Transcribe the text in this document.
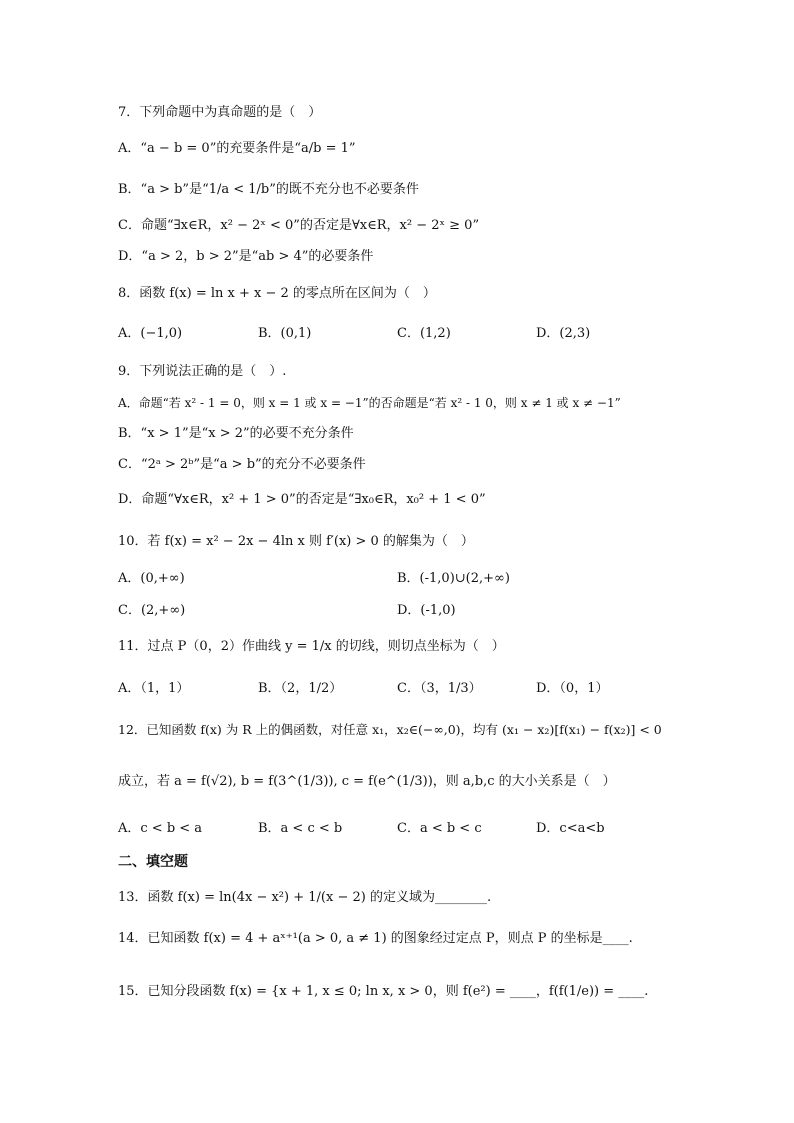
7．下列命题中为真命题的是（　）
A．“a − b = 0”的充要条件是“a/b = 1”
B．“a > b”是“1/a < 1/b”的既不充分也不必要条件
C．命题“∃x∈R，x² − 2ˣ < 0”的否定是∀x∈R，x² − 2ˣ ≥ 0”
D．“a > 2，b > 2”是“ab > 4”的必要条件
8．函数 f(x) = ln x + x − 2 的零点所在区间为（　）
A．(−1,0)	B．(0,1)	C．(1,2)	D．(2,3)
9．下列说法正确的是（　）.
A．命题“若 x² - 1 = 0，则 x = 1 或 x = −1”的否命题是“若 x² - 1 0，则 x ≠ 1 或 x ≠ −1”
B．“x > 1”是“x > 2”的必要不充分条件
C．“2ᵃ > 2ᵇ”是“a > b”的充分不必要条件
D．命题“∀x∈R，x² + 1 > 0”的否定是“∃x₀∈R，x₀² + 1 < 0”
10．若 f(x) = x² − 2x − 4ln x 则 f′(x) > 0 的解集为（　）
A．(0,+∞)	B．(-1,0)∪(2,+∞)
C．(2,+∞)	D．(-1,0)
11．过点 P（0，2）作曲线 y = 1/x 的切线，则切点坐标为（　）
A．（1，1）	B．（2，1/2）	C．（3，1/3）	D．（0，1）
12．已知函数 f(x) 为 R 上的偶函数，对任意 x₁，x₂∈(−∞,0)，均有 (x₁ − x₂)[f(x₁) − f(x₂)] < 0
成立，若 a = f(√2), b = f(3^(1/3)), c = f(e^(1/3))，则 a,b,c 的大小关系是（　）
A．c < b < a	B．a < c < b	C．a < b < c	D．c<a<b
二、填空题
13．函数 f(x) = ln(4x − x²) + 1/(x − 2) 的定义域为________.
14．已知函数 f(x) = 4 + aˣ⁺¹(a > 0, a ≠ 1) 的图象经过定点 P，则点 P 的坐标是____.
15．已知分段函数 f(x) = {x + 1, x ≤ 0; ln x, x > 0，则 f(e²) = ____，f(f(1/e)) = ____.
